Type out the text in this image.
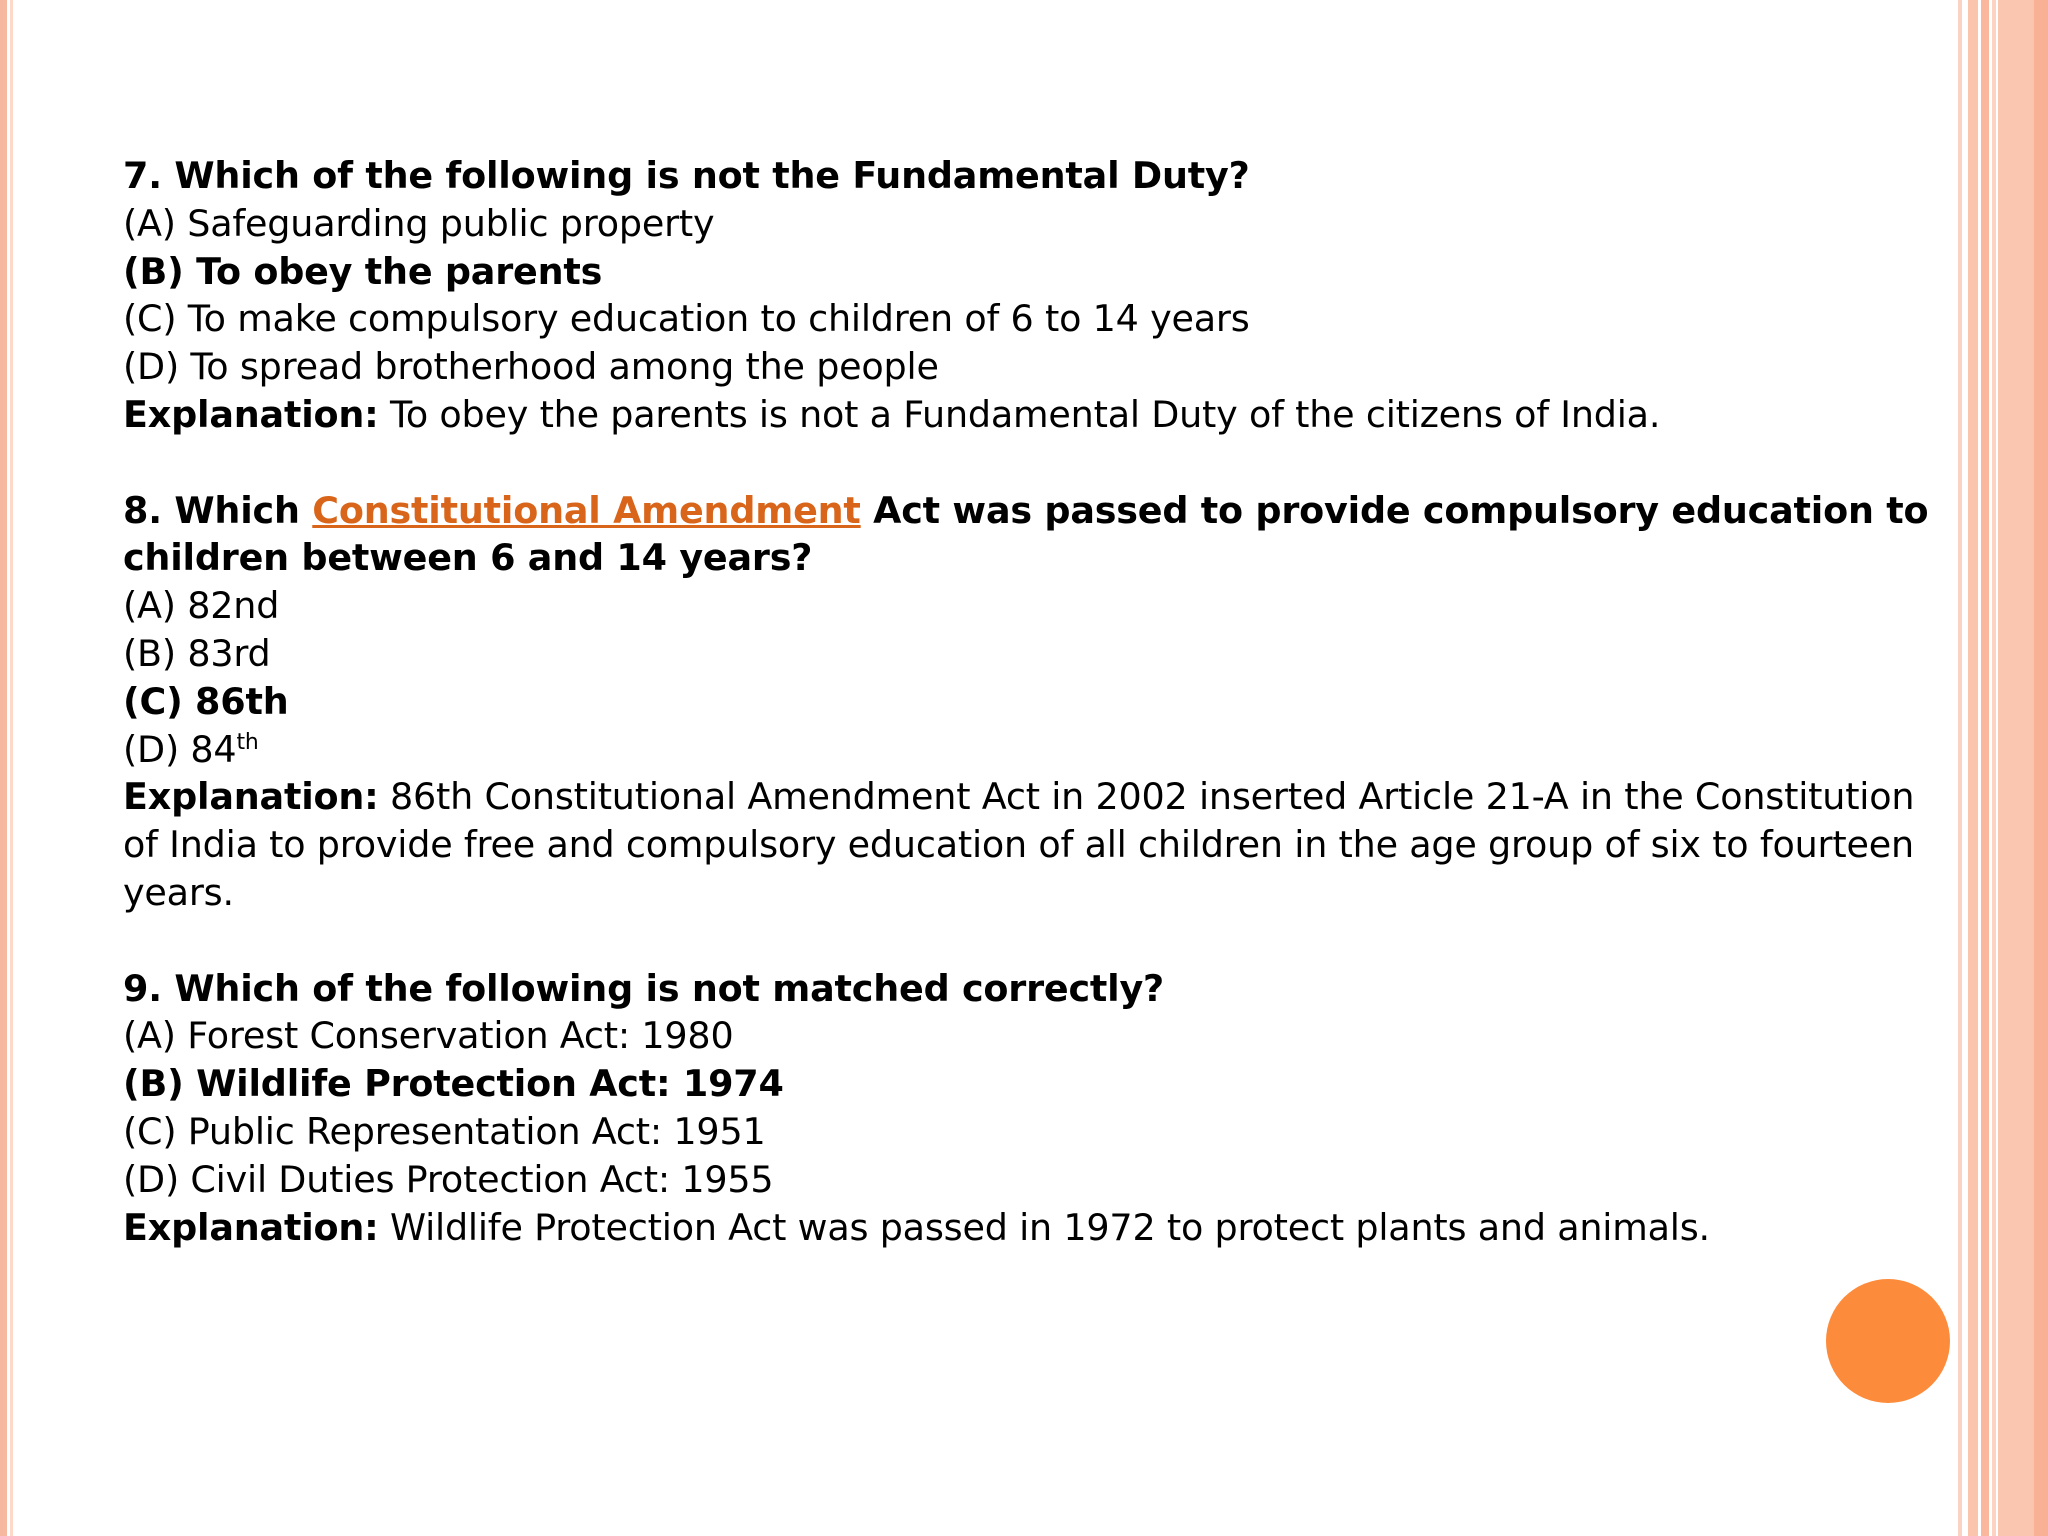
7. Which of the following is not the Fundamental Duty?

(A) Safeguarding public property

(B) To obey the parents

(C) To make compulsory education to children of 6 to 14 years

(D) To spread brotherhood among the people

Explanation: To obey the parents is not a Fundamental Duty of the citizens of India.

8. Which Constitutional Amendment Act was passed to provide compulsory education to

children between 6 and 14 years?

(A) 82nd

(B) 83rd

(C) 86th

(D) 84th

Explanation: 86th Constitutional Amendment Act in 2002 inserted Article 21-A in the Constitution

of India to provide free and compulsory education of all children in the age group of six to fourteen

years.

9. Which of the following is not matched correctly?

(A) Forest Conservation Act: 1980

(B) Wildlife Protection Act: 1974

(C) Public Representation Act: 1951

(D) Civil Duties Protection Act: 1955

Explanation: Wildlife Protection Act was passed in 1972 to protect plants and animals.
